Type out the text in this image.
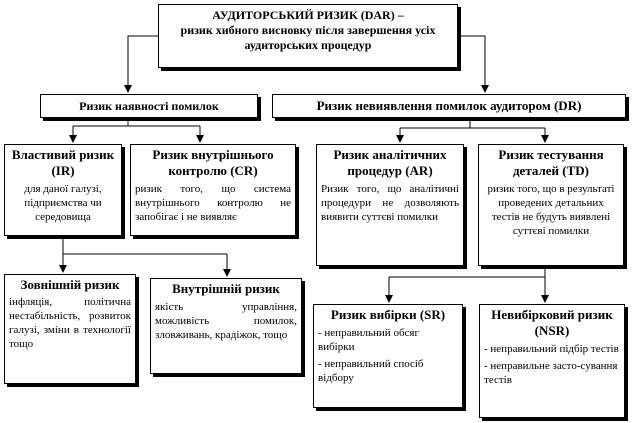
АУДИТОРСЬКИЙ РИЗИК (DAR) –
ризик хибного висновку після завершення усіх аудиторських процедур
Ризик наявності помилок	Ризик невиявлення помилок аудитором (DR)
Властивий ризик (IR)
для даної галузі, підприємства чи середовища
Ризик внутрішнього контролю (CR)
ризик того, що система внутрішнього контролю не запобігає і не виявляє
Ризик аналітичних процедур (AR)
Ризик того, що аналітичні процедури не дозволяють виявити суттєві помилки
Ризик тестування деталей (TD)
ризик того, що в результаті проведених детальних тестів не будуть виявлені суттєві помилки
Зовнішній ризик
інфляція, політична нестабільність, розвиток галузі, зміни в технології тощо
Внутрішній ризик
якість управління, можливість помилок, зловживань, крадіжок, тощо
Ризик вибірки (SR)
- неправильний обсяг вибірки
- неправильний спосіб відбору
Невибірковий ризик (NSR)
- неправильний підбір тестів
- неправильне засто-сування тестів
